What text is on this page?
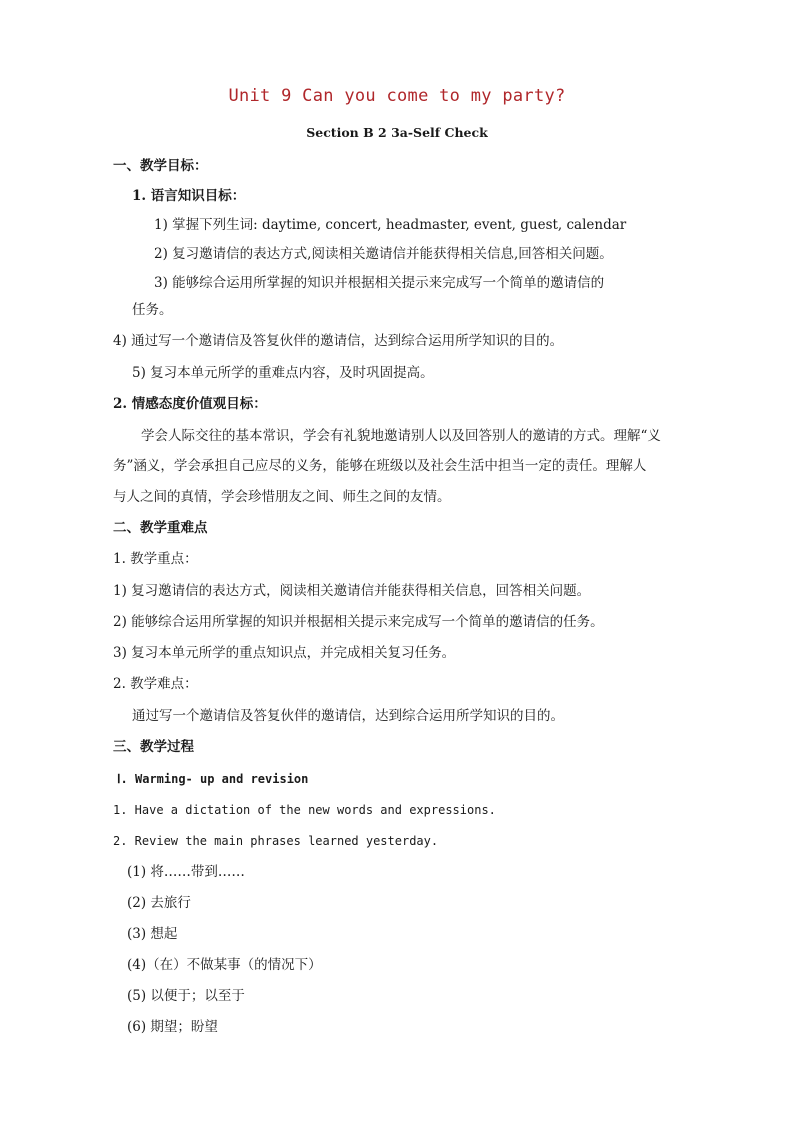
Unit 9 Can you come to my party?
Section B 2 3a-Self Check
一、教学目标：
1. 语言知识目标：
1) 掌握下列生词: daytime, concert, headmaster, event, guest, calendar
2) 复习邀请信的表达方式,阅读相关邀请信并能获得相关信息,回答相关问题。
3) 能够综合运用所掌握的知识并根据相关提示来完成写一个简单的邀请信的
任务。
4) 通过写一个邀请信及答复伙伴的邀请信，达到综合运用所学知识的目的。
5) 复习本单元所学的重难点内容，及时巩固提高。
2. 情感态度价值观目标：
学会人际交往的基本常识，学会有礼貌地邀请别人以及回答别人的邀请的方式。理解“义
务”涵义，学会承担自己应尽的义务，能够在班级以及社会生活中担当一定的责任。理解人
与人之间的真情，学会珍惜朋友之间、师生之间的友情。
二、教学重难点
1. 教学重点：
1) 复习邀请信的表达方式，阅读相关邀请信并能获得相关信息，回答相关问题。
2) 能够综合运用所掌握的知识并根据相关提示来完成写一个简单的邀请信的任务。
3) 复习本单元所学的重点知识点，并完成相关复习任务。
2. 教学难点：
通过写一个邀请信及答复伙伴的邀请信，达到综合运用所学知识的目的。
三、教学过程
Ⅰ. Warming- up and revision
1. Have a dictation of the new words and expressions.
2. Review the main phrases learned yesterday.
(1) 将……带到……
(2) 去旅行
(3) 想起
(4)（在）不做某事（的情况下）
(5) 以便于；以至于
(6) 期望；盼望
